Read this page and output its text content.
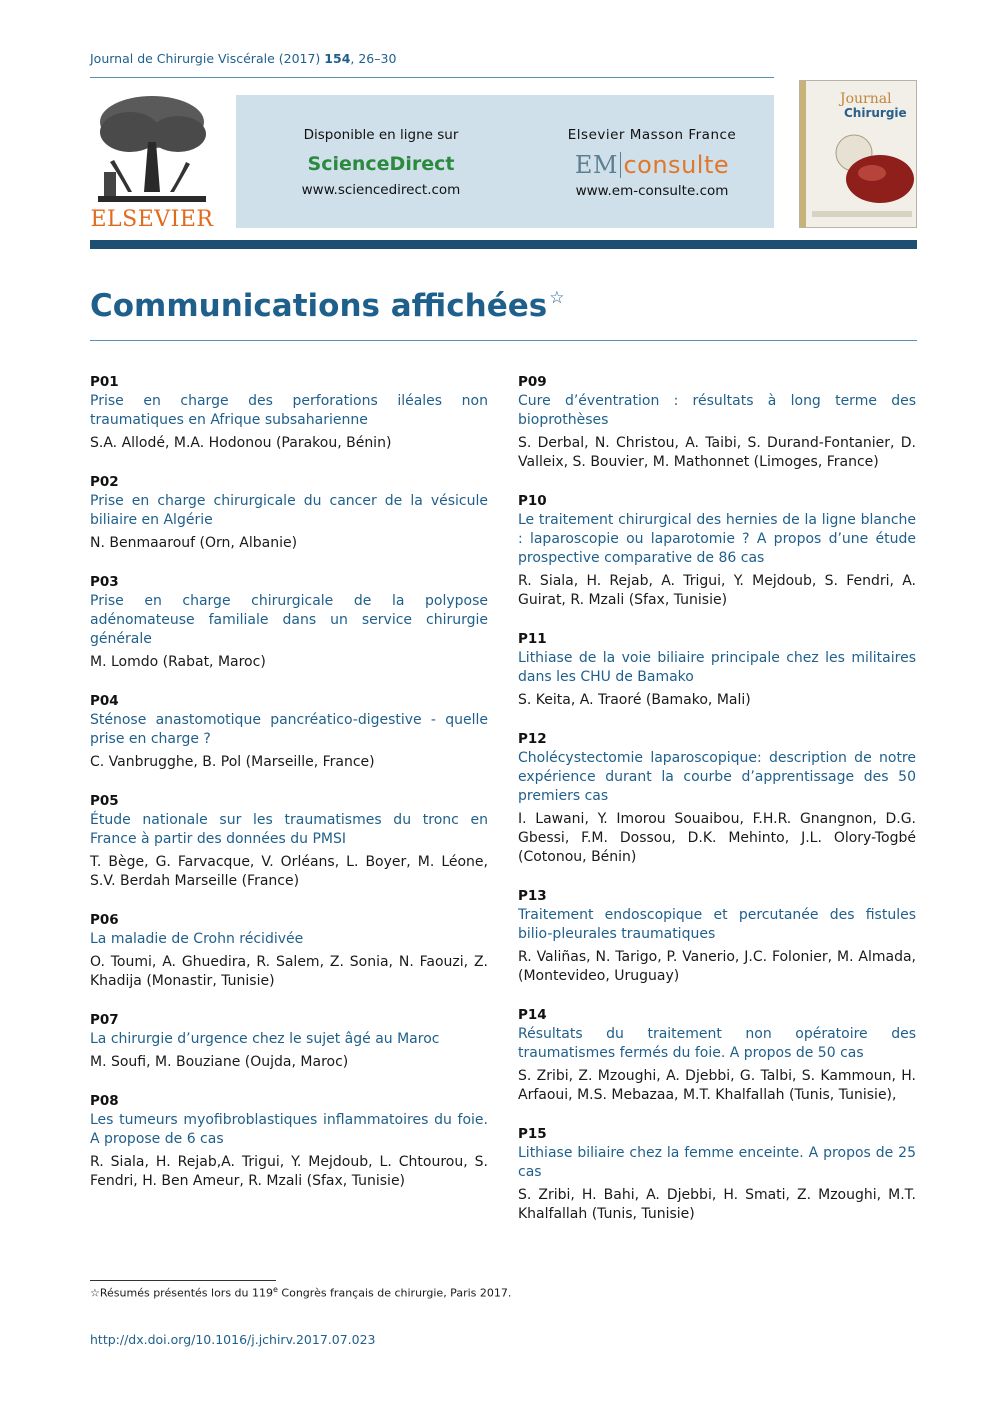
Journal de Chirurgie Viscérale (2017) 154, 26–30
ELSEVIER
Disponible en ligne sur
ScienceDirect
www.sciencedirect.com
Elsevier Masson France
EM consulte
www.em-consulte.com
Journal
Chirurgie
Communications affichées ☆
P01
Prise en charge des perforations iléales non traumatiques en Afrique subsaharienne
S.A. Allodé, M.A. Hodonou (Parakou, Bénin)
P02
Prise en charge chirurgicale du cancer de la vésicule biliaire en Algérie
N. Benmaarouf (Orn, Albanie)
P03
Prise en charge chirurgicale de la polypose adénomateuse familiale dans un service chirurgie générale
M. Lomdo (Rabat, Maroc)
P04
Sténose anastomotique pancréatico-digestive - quelle prise en charge ?
C. Vanbrugghe, B. Pol (Marseille, France)
P05
Étude nationale sur les traumatismes du tronc en France à partir des données du PMSI
T. Bège, G. Farvacque, V. Orléans, L. Boyer, M. Léone, S.V. Berdah Marseille (France)
P06
La maladie de Crohn récidivée
O. Toumi, A. Ghuedira, R. Salem, Z. Sonia, N. Faouzi, Z. Khadija (Monastir, Tunisie)
P07
La chirurgie d’urgence chez le sujet âgé au Maroc
M. Soufi, M. Bouziane (Oujda, Maroc)
P08
Les tumeurs myofibroblastiques inflammatoires du foie. A propose de 6 cas
R. Siala, H. Rejab,A. Trigui, Y. Mejdoub, L. Chtourou, S. Fendri, H. Ben Ameur, R. Mzali (Sfax, Tunisie)
P09
Cure d’éventration : résultats à long terme des bioprothèses
S. Derbal, N. Christou, A. Taibi, S. Durand-Fontanier, D. Valleix, S. Bouvier, M. Mathonnet (Limoges, France)
P10
Le traitement chirurgical des hernies de la ligne blanche : laparoscopie ou laparotomie ? A propos d’une étude prospective comparative de 86 cas
R. Siala, H. Rejab, A. Trigui, Y. Mejdoub, S. Fendri, A. Guirat, R. Mzali (Sfax, Tunisie)
P11
Lithiase de la voie biliaire principale chez les militaires dans les CHU de Bamako
S. Keita, A. Traoré (Bamako, Mali)
P12
Cholécystectomie laparoscopique: description de notre expérience durant la courbe d’apprentissage des 50 premiers cas
I. Lawani, Y. Imorou Souaibou, F.H.R. Gnangnon, D.G. Gbessi, F.M. Dossou, D.K. Mehinto, J.L. Olory-Togbé (Cotonou, Bénin)
P13
Traitement endoscopique et percutanée des fistules bilio-pleurales traumatiques
R. Valiñas, N. Tarigo, P. Vanerio, J.C. Folonier, M. Almada, (Montevideo, Uruguay)
P14
Résultats du traitement non opératoire des traumatismes fermés du foie. A propos de 50 cas
S. Zribi, Z. Mzoughi, A. Djebbi, G. Talbi, S. Kammoun, H. Arfaoui, M.S. Mebazaa, M.T. Khalfallah (Tunis, Tunisie),
P15
Lithiase biliaire chez la femme enceinte. A propos de 25 cas
S. Zribi, H. Bahi, A. Djebbi, H. Smati, Z. Mzoughi, M.T. Khalfallah (Tunis, Tunisie)
☆Résumés présentés lors du 119e Congrès français de chirurgie, Paris 2017.
http://dx.doi.org/10.1016/j.jchirv.2017.07.023
